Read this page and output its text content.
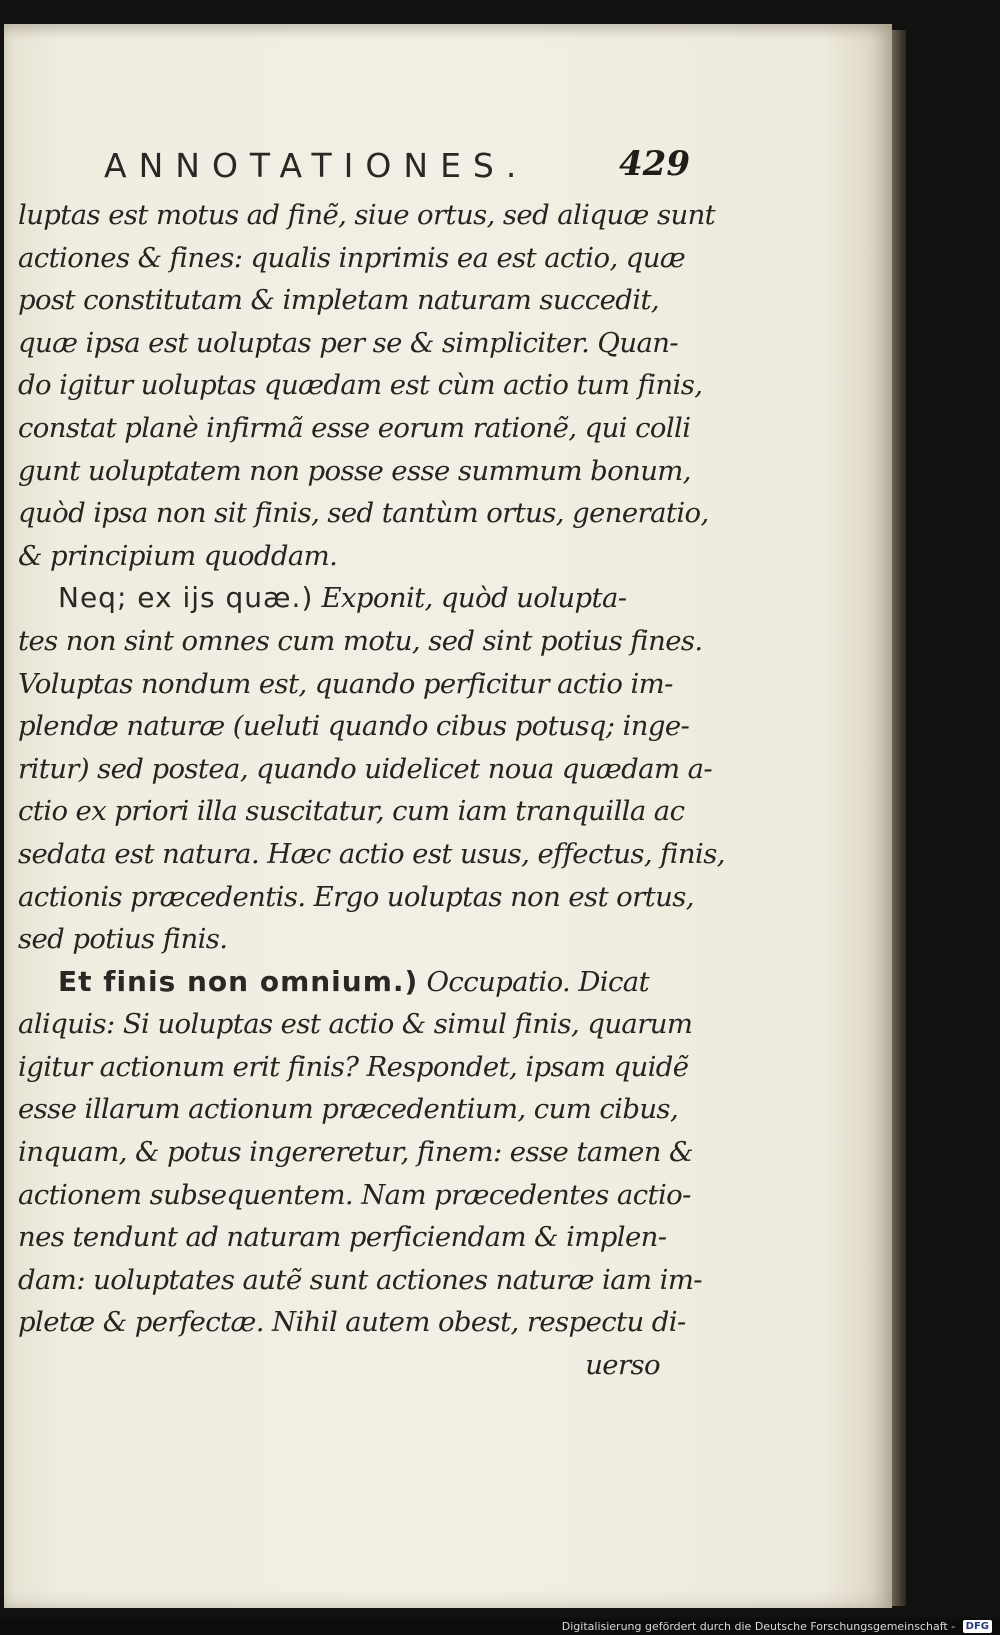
ANNOTATIONES.	429
luptas est motus ad finẽ, siue ortus, sed aliquæ sunt
actiones & fines: qualis inprimis ea est actio, quæ
post constitutam & impletam naturam succedit,
quæ ipsa est uoluptas per se & simpliciter. Quan-
do igitur uoluptas quædam est cùm actio tum finis,
constat planè infirmã esse eorum rationẽ, qui colli
gunt uoluptatem non posse esse summum bonum,
quòd ipsa non sit finis, sed tantùm ortus, generatio,
& principium quoddam.
Neq; ex ijs quæ.) Exponit, quòd uolupta-
tes non sint omnes cum motu, sed sint potius fines.
Voluptas nondum est, quando perficitur actio im-
plendæ naturæ (ueluti quando cibus potusq; inge-
ritur) sed postea, quando uidelicet noua quædam a-
ctio ex priori illa suscitatur, cum iam tranquilla ac
sedata est natura. Hæc actio est usus, effectus, finis,
actionis præcedentis. Ergo uoluptas non est ortus,
sed potius finis.
Et finis non omnium.) Occupatio. Dicat
aliquis: Si uoluptas est actio & simul finis, quarum
igitur actionum erit finis? Respondet, ipsam quidẽ
esse illarum actionum præcedentium, cum cibus,
inquam, & potus ingereretur, finem: esse tamen &
actionem subsequentem. Nam præcedentes actio-
nes tendunt ad naturam perficiendam & implen-
dam: uoluptates autẽ sunt actiones naturæ iam im-
pletæ & perfectæ. Nihil autem obest, respectu di-
uerso
Digitalisierung gefördert durch die Deutsche Forschungsgemeinschaft - DFG
